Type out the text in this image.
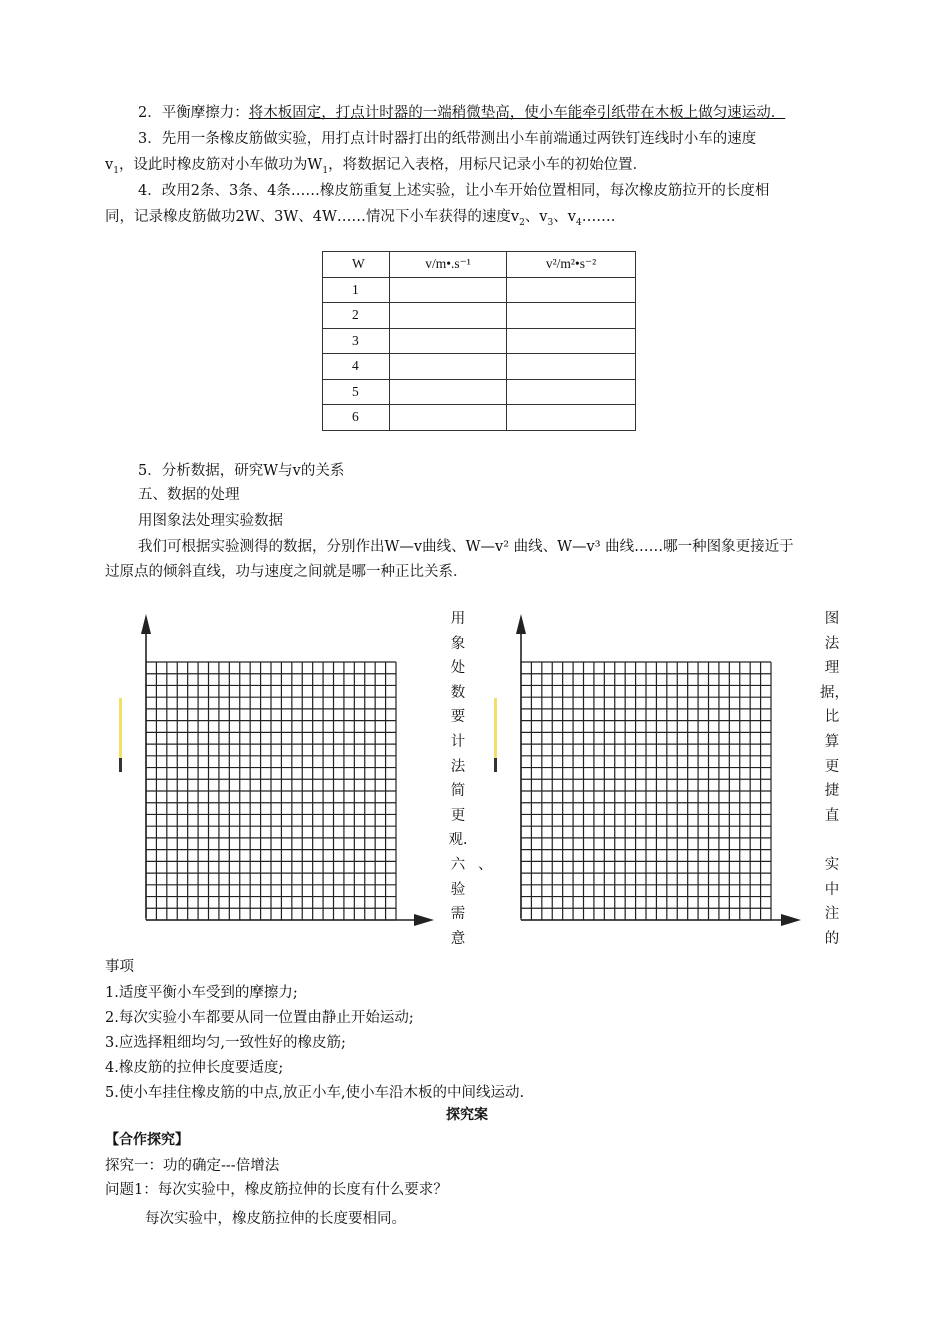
2．平衡摩擦力：将木板固定，打点计时器的一端稍微垫高，使小车能牵引纸带在木板上做匀速运动．
3．先用一条橡皮筋做实验，用打点计时器打出的纸带测出小车前端通过两铁钉连线时小车的速度
$v_1$，设此时橡皮筋对小车做功为$W_1$，将数据记入表格，用标尺记录小车的初始位置．
4．改用2条、3条、4条……橡皮筋重复上述实验，让小车开始位置相同，每次橡皮筋拉开的长度相
同，记录橡皮筋做功2W、3W、4W……情况下小车获得的速度$v_2$、$v_3$、$v_4\dots\dots$.
W	v/m•.s⁻¹	v²/m²•s⁻²
1		
2		
3		
4		
5		
6		
5．分析数据，研究W与v的关系
五、数据的处理
用图象法处理实验数据
我们可根据实验测得的数据，分别作出W—v曲线、W—v² 曲线、W—v³ 曲线……哪一种图象更接近于
过原点的倾斜直线，功与速度之间就是哪一种正比关系．
用
象
处
数
要
计
法
简
更
观.
六
验
需
意
、
图
法
理
据，
比
算
更
捷
直
实
中
注
的
事项
1.适度平衡小车受到的摩擦力;
2.每次实验小车都要从同一位置由静止开始运动;
3.应选择粗细均匀,一致性好的橡皮筋;
4.橡皮筋的拉伸长度要适度;
5.使小车挂住橡皮筋的中点,放正小车,使小车沿木板的中间线运动.
探究案
【合作探究】
探究一：功的确定---倍增法
问题1：每次实验中，橡皮筋拉伸的长度有什么要求？
每次实验中，橡皮筋拉伸的长度要相同。
